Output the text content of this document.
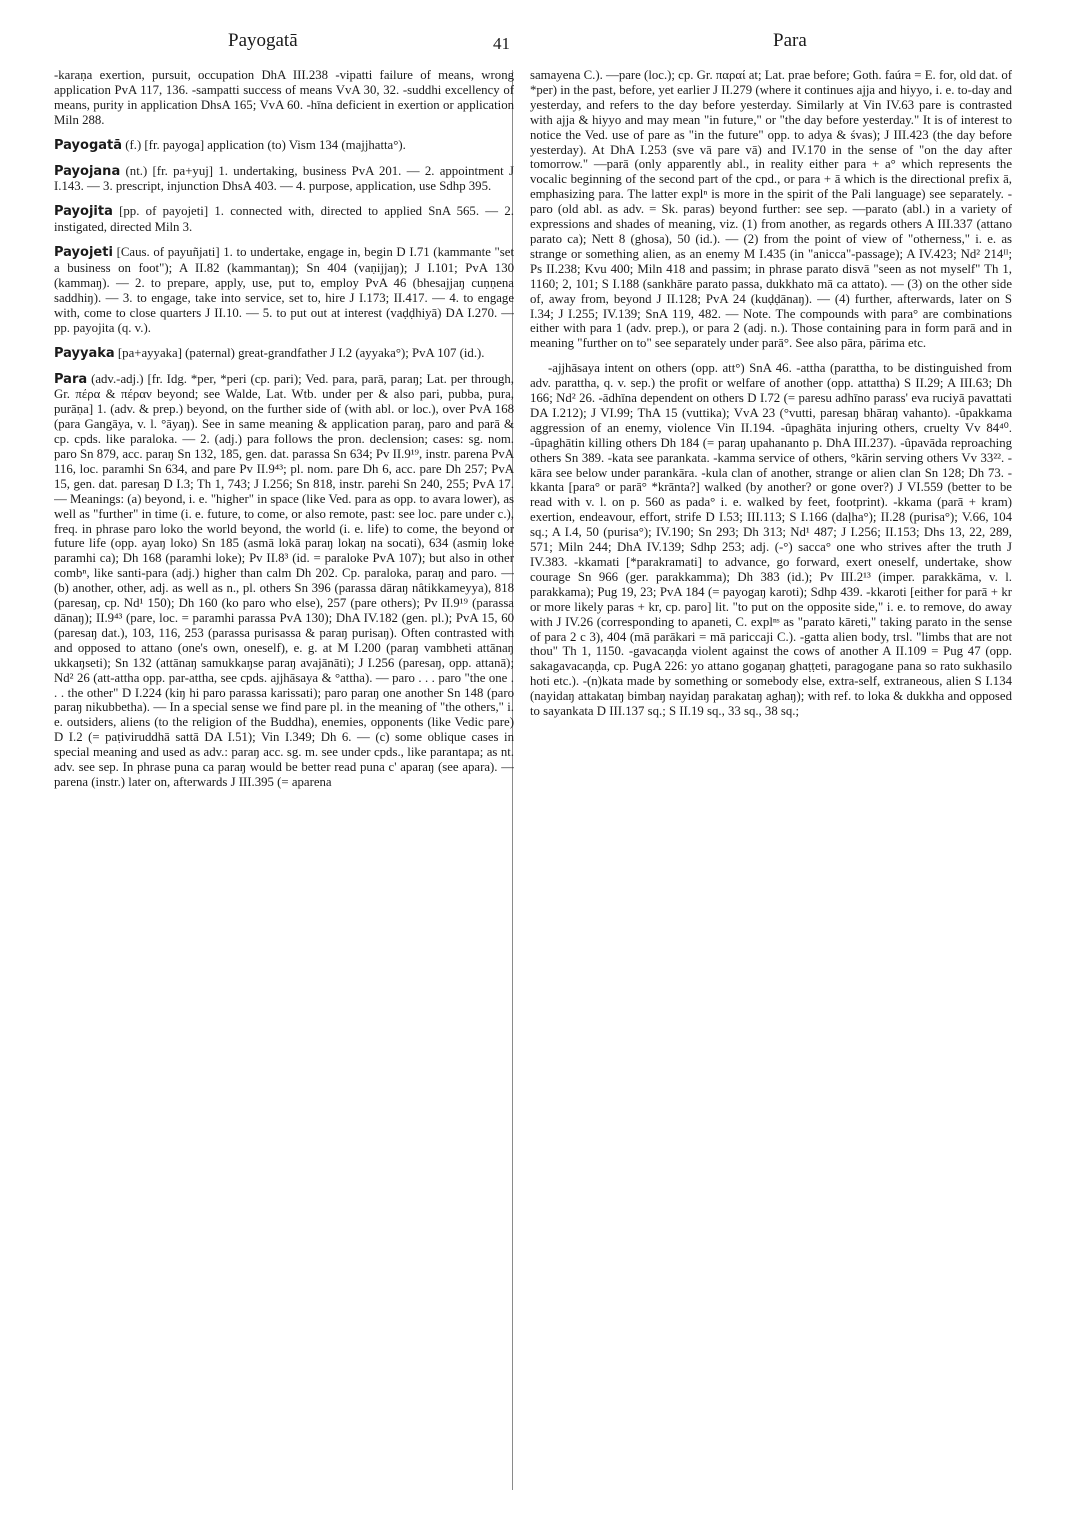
Payogatā	41	Para

-karaṇa exertion, pursuit, occupation DhA III.238 -vipatti failure of means, wrong application PvA 117, 136. -sampatti success of means VvA 30, 32. -suddhi excellency of means, purity in application DhsA 165; VvA 60. -hīna deficient in exertion or application Miln 288.

Payogatā (f.) [fr. payoga] application (to) Vism 134 (majjhatta°).

Payojana (nt.) [fr. pa+yuj] 1. undertaking, business PvA 201. — 2. appointment J I.143. — 3. prescript, injunction DhsA 403. — 4. purpose, application, use Sdhp 395.

Payojita [pp. of payojeti] 1. connected with, directed to applied SnA 565. — 2. instigated, directed Miln 3.

Payojeti [Caus. of payuñjati] 1. to undertake, engage in, begin D I.71 (kammante "set a business on foot"); A II.82 (kammantaŋ); Sn 404 (vaṇijjaŋ); J I.101; PvA 130 (kammaŋ). — 2. to prepare, apply, use, put to, employ PvA 46 (bhesajjaŋ cuṇṇena saddhiŋ). — 3. to engage, take into service, set to, hire J I.173; II.417. — 4. to engage with, come to close quarters J II.10. — 5. to put out at interest (vaḍḍhiyā) DA I.270. — pp. payojita (q. v.).

Payyaka [pa+ayyaka] (paternal) great-grandfather J I.2 (ayyaka°); PvA 107 (id.).

Para (adv.-adj.) [fr. Idg. *per, *peri (cp. pari); Ved. para, parā, paraŋ; Lat. per through, Gr. πέρα & πέραν beyond; see Walde, Lat. Wtb. under per & also pari, pubba, pura, purāṇa] 1. (adv. & prep.) beyond, on the further side of (with abl. or loc.), over PvA 168 (para Gangāya, v. l. °āyaŋ). See in same meaning & application paraŋ, paro and parā & cp. cpds. like paraloka. — 2. (adj.) para follows the pron. declension; cases: sg. nom. paro Sn 879, acc. paraŋ Sn 132, 185, gen. dat. parassa Sn 634; Pv II.9¹⁹, instr. parena PvA 116, loc. paramhi Sn 634, and pare Pv II.9⁴³; pl. nom. pare Dh 6, acc. pare Dh 257; PvA 15, gen. dat. paresaŋ D I.3; Th 1, 743; J I.256; Sn 818, instr. parehi Sn 240, 255; PvA 17. — Meanings: (a) beyond, i. e. "higher" in space (like Ved. para as opp. to avara lower), as well as "further" in time (i. e. future, to come, or also remote, past: see loc. pare under c.), freq. in phrase paro loko the world beyond, the world (i. e. life) to come, the beyond or future life (opp. ayaŋ loko) Sn 185 (asmā lokā paraŋ lokaŋ na socati), 634 (asmiŋ loke paramhi ca); Dh 168 (paramhi loke); Pv II.8³ (id. = paraloke PvA 107); but also in other combⁿ, like santi-para (adj.) higher than calm Dh 202. Cp. paraloka, paraŋ and paro. — (b) another, other, adj. as well as n., pl. others Sn 396 (parassa dāraŋ nâtikkameyya), 818 (paresaŋ, cp. Nd¹ 150); Dh 160 (ko paro who else), 257 (pare others); Pv II.9¹⁹ (parassa dānaŋ); II.9⁴³ (pare, loc. = paramhi parassa PvA 130); DhA IV.182 (gen. pl.); PvA 15, 60 (paresaŋ dat.), 103, 116, 253 (parassa purisassa & paraŋ purisaŋ). Often contrasted with and opposed to attano (one's own, oneself), e. g. at M I.200 (paraŋ vambheti attānaŋ ukkaŋseti); Sn 132 (attānaŋ samukkaŋse paraŋ avajānāti); J I.256 (paresaŋ, opp. attanā); Nd² 26 (att-attha opp. par-attha, see cpds. ajjhāsaya & °attha). — paro . . . paro "the one . . . the other" D I.224 (kiŋ hi paro parassa karissati); paro paraŋ one another Sn 148 (paro paraŋ nikubbetha). — In a special sense we find pare pl. in the meaning of "the others," i. e. outsiders, aliens (to the religion of the Buddha), enemies, opponents (like Vedic pare) D I.2 (= paṭiviruddhā sattā DA I.51); Vin I.349; Dh 6. — (c) some oblique cases in special meaning and used as adv.: paraŋ acc. sg. m. see under cpds., like parantapa; as nt. adv. see sep. In phrase puna ca paraŋ would be better read puna c' aparaŋ (see apara). —parena (instr.) later on, afterwards J III.395 (= aparena

samayena C.). —pare (loc.); cp. Gr. παραί at; Lat. prae before; Goth. faúra = E. for, old dat. of *per) in the past, before, yet earlier J II.279 (where it continues ajja and hiyyo, i. e. to-day and yesterday, and refers to the day before yesterday. Similarly at Vin IV.63 pare is contrasted with ajja & hiyyo and may mean "in future," or "the day before yesterday." It is of interest to notice the Ved. use of pare as "in the future" opp. to adya & śvas); J III.423 (the day before yesterday). At DhA I.253 (sve vā pare vā) and IV.170 in the sense of "on the day after tomorrow." —parā (only apparently abl., in reality either para + a° which represents the vocalic beginning of the second part of the cpd., or para + ā which is the directional prefix ā, emphasizing para. The latter explⁿ is more in the spirit of the Pali language) see separately. -paro (old abl. as adv. = Sk. paras) beyond further: see sep. —parato (abl.) in a variety of expressions and shades of meaning, viz. (1) from another, as regards others A III.337 (attano parato ca); Nett 8 (ghosa), 50 (id.). — (2) from the point of view of "otherness," i. e. as strange or something alien, as an enemy M I.435 (in "anicca"-passage); A IV.423; Nd² 214ᴵᴵ; Ps II.238; Kvu 400; Miln 418 and passim; in phrase parato disvā "seen as not myself" Th 1, 1160; 2, 101; S I.188 (sankhāre parato passa, dukkhato mā ca attato). — (3) on the other side of, away from, beyond J II.128; PvA 24 (kuḍḍānaŋ). — (4) further, afterwards, later on S I.34; J I.255; IV.139; SnA 119, 482. — Note. The compounds with para° are combinations either with para 1 (adv. prep.), or para 2 (adj. n.). Those containing para in form parā and in meaning "further on to" see separately under parā°. See also pāra, pārima etc.

-ajjhāsaya intent on others (opp. att°) SnA 46. -attha (parattha, to be distinguished from adv. parattha, q. v. sep.) the profit or welfare of another (opp. attattha) S II.29; A III.63; Dh 166; Nd² 26. -ādhīna dependent on others D I.72 (= paresu adhīno parass' eva ruciyā pavattati DA I.212); J VI.99; ThA 15 (vuttika); VvA 23 (°vutti, paresaŋ bhāraŋ vahanto). -ûpakkama aggression of an enemy, violence Vin II.194. -ûpaghāta injuring others, cruelty Vv 84⁴⁰. -ûpaghātin killing others Dh 184 (= paraŋ upahananto p. DhA III.237). -ûpavāda reproaching others Sn 389. -kata see parankata. -kamma service of others, °kārin serving others Vv 33²². -kāra see below under parankāra. -kula clan of another, strange or alien clan Sn 128; Dh 73. -kkanta [para° or parā° *krānta?] walked (by another? or gone over?) J VI.559 (better to be read with v. l. on p. 560 as pada° i. e. walked by feet, footprint). -kkama (parā + kram) exertion, endeavour, effort, strife D I.53; III.113; S I.166 (daḷha°); II.28 (purisa°); V.66, 104 sq.; A I.4, 50 (purisa°); IV.190; Sn 293; Dh 313; Nd¹ 487; J I.256; II.153; Dhs 13, 22, 289, 571; Miln 244; DhA IV.139; Sdhp 253; adj. (-°) sacca° one who strives after the truth J IV.383. -kkamati [*parakramati] to advance, go forward, exert oneself, undertake, show courage Sn 966 (ger. parakkamma); Dh 383 (id.); Pv III.2¹³ (imper. parakkāma, v. l. parakkama); Pug 19, 23; PvA 184 (= payogaŋ karoti); Sdhp 439. -kkaroti [either for parā + kr or more likely paras + kr, cp. paro] lit. "to put on the opposite side," i. e. to remove, do away with J IV.26 (corresponding to apaneti, C. explⁿˢ as "parato kāreti," taking parato in the sense of para 2 c 3), 404 (mā parākari = mā pariccaji C.). -gatta alien body, trsl. "limbs that are not thou" Th 1, 1150. -gavacaṇḍa violent against the cows of another A II.109 = Pug 47 (opp. sakagavacaṇḍa, cp. PugA 226: yo attano gogaṇaŋ ghaṭṭeti, paragogane pana so rato sukhasilo hoti etc.). -(n)kata made by something or somebody else, extra-self, extraneous, alien S I.134 (nayidaŋ attakataŋ bimbaŋ nayidaŋ parakataŋ aghaŋ); with ref. to loka & dukkha and opposed to sayankata D III.137 sq.; S II.19 sq., 33 sq., 38 sq.;
